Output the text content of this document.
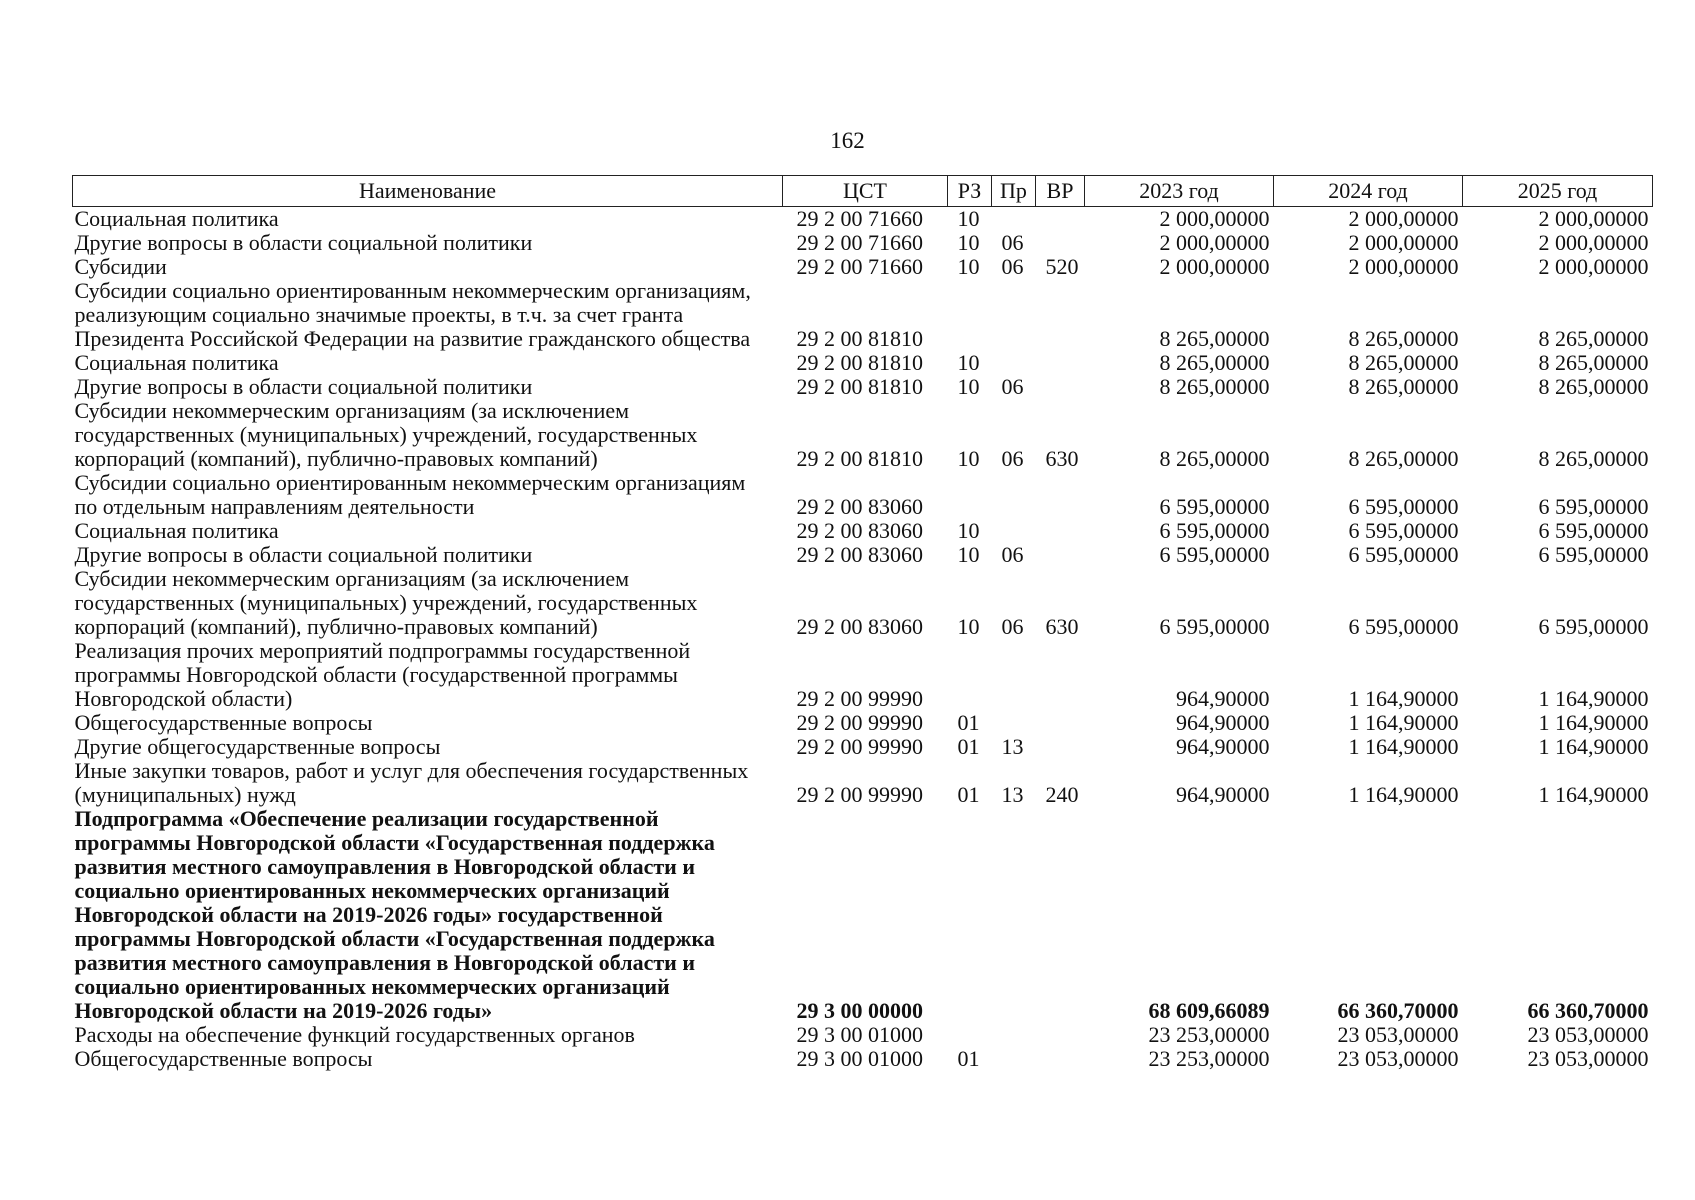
162
Наименование	ЦСТ	РЗ	Пр	ВР	2023 год	2024 год	2025 год
Социальная политика	29 2 00 71660	10			2 000,00000	2 000,00000	2 000,00000
Другие вопросы в области социальной политики	29 2 00 71660	10	06		2 000,00000	2 000,00000	2 000,00000
Субсидии	29 2 00 71660	10	06	520	2 000,00000	2 000,00000	2 000,00000
Субсидии социально ориентированным некоммерческим организациям, реализующим социально значимые проекты, в т.ч. за счет гранта Президента Российской Федерации на развитие гражданского общества	29 2 00 81810				8 265,00000	8 265,00000	8 265,00000
Социальная политика	29 2 00 81810	10			8 265,00000	8 265,00000	8 265,00000
Другие вопросы в области социальной политики	29 2 00 81810	10	06		8 265,00000	8 265,00000	8 265,00000
Субсидии некоммерческим организациям (за исключением государственных (муниципальных) учреждений, государственных корпораций (компаний), публично-правовых компаний)	29 2 00 81810	10	06	630	8 265,00000	8 265,00000	8 265,00000
Субсидии социально ориентированным некоммерческим организациям по отдельным направлениям деятельности	29 2 00 83060				6 595,00000	6 595,00000	6 595,00000
Социальная политика	29 2 00 83060	10			6 595,00000	6 595,00000	6 595,00000
Другие вопросы в области социальной политики	29 2 00 83060	10	06		6 595,00000	6 595,00000	6 595,00000
Субсидии некоммерческим организациям (за исключением государственных (муниципальных) учреждений, государственных корпораций (компаний), публично-правовых компаний)	29 2 00 83060	10	06	630	6 595,00000	6 595,00000	6 595,00000
Реализация прочих мероприятий подпрограммы государственной программы Новгородской области (государственной программы Новгородской области)	29 2 00 99990				964,90000	1 164,90000	1 164,90000
Общегосударственные вопросы	29 2 00 99990	01			964,90000	1 164,90000	1 164,90000
Другие общегосударственные вопросы	29 2 00 99990	01	13		964,90000	1 164,90000	1 164,90000
Иные закупки товаров, работ и услуг для обеспечения государственных (муниципальных) нужд	29 2 00 99990	01	13	240	964,90000	1 164,90000	1 164,90000
Подпрограмма «Обеспечение реализации государственной программы Новгородской области «Государственная поддержка развития местного самоуправления в Новгородской области и социально ориентированных некоммерческих организаций Новгородской области на 2019-2026 годы» государственной программы Новгородской области «Государственная поддержка развития местного самоуправления в Новгородской области и социально ориентированных некоммерческих организаций Новгородской области на 2019-2026 годы»	29 3 00 00000				68 609,66089	66 360,70000	66 360,70000
Расходы на обеспечение функций государственных органов	29 3 00 01000				23 253,00000	23 053,00000	23 053,00000
Общегосударственные вопросы	29 3 00 01000	01			23 253,00000	23 053,00000	23 053,00000
